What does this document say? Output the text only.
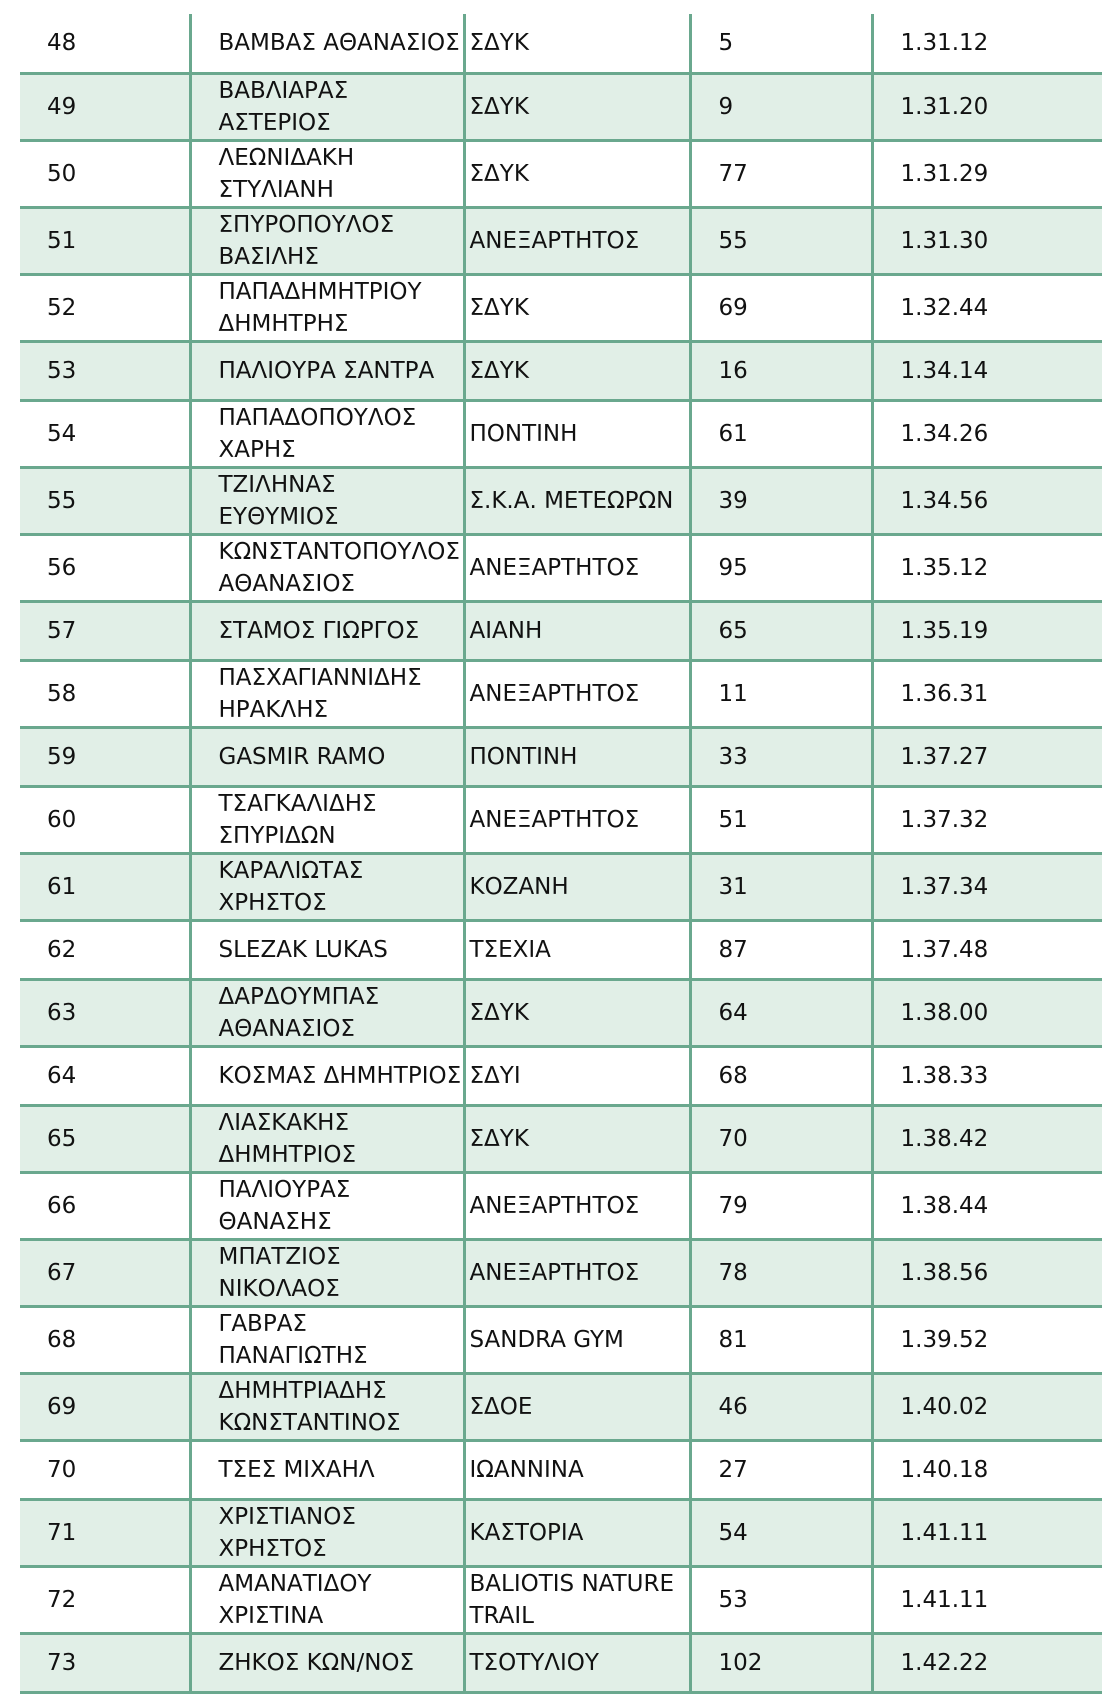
48	ΒΑΜΒΑΣ ΑΘΑΝΑΣΙΟΣ	ΣΔΥΚ	5	1.31.12
49	ΒΑΒΛΙΑΡΑΣ ΑΣΤΕΡΙΟΣ	ΣΔΥΚ	9	1.31.20
50	ΛΕΩΝΙΔΑΚΗ ΣΤΥΛΙΑΝΗ	ΣΔΥΚ	77	1.31.29
51	ΣΠΥΡΟΠΟΥΛΟΣ ΒΑΣΙΛΗΣ	ΑΝΕΞΑΡΤΗΤΟΣ	55	1.31.30
52	ΠΑΠΑΔΗΜΗΤΡΙΟΥ ΔΗΜΗΤΡΗΣ	ΣΔΥΚ	69	1.32.44
53	ΠΑΛΙΟΥΡΑ ΣΑΝΤΡΑ	ΣΔΥΚ	16	1.34.14
54	ΠΑΠΑΔΟΠΟΥΛΟΣ ΧΑΡΗΣ	ΠΟΝΤΙΝΗ	61	1.34.26
55	ΤΖΙΛΗΝΑΣ ΕΥΘΥΜΙΟΣ	Σ.Κ.Α. ΜΕΤΕΩΡΩΝ	39	1.34.56
56	ΚΩΝΣΤΑΝΤΟΠΟΥΛΟΣ ΑΘΑΝΑΣΙΟΣ	ΑΝΕΞΑΡΤΗΤΟΣ	95	1.35.12
57	ΣΤΑΜΟΣ ΓΙΩΡΓΟΣ	ΑΙΑΝΗ	65	1.35.19
58	ΠΑΣΧΑΓΙΑΝΝΙΔΗΣ ΗΡΑΚΛΗΣ	ΑΝΕΞΑΡΤΗΤΟΣ	11	1.36.31
59	GASMIR RAMO	ΠΟΝΤΙΝΗ	33	1.37.27
60	ΤΣΑΓΚΑΛΙΔΗΣ ΣΠΥΡΙΔΩΝ	ΑΝΕΞΑΡΤΗΤΟΣ	51	1.37.32
61	ΚΑΡΑΛΙΩΤΑΣ ΧΡΗΣΤΟΣ	ΚΟΖΑΝΗ	31	1.37.34
62	SLEZAK LUKAS	ΤΣΕΧΙΑ	87	1.37.48
63	ΔΑΡΔΟΥΜΠΑΣ ΑΘΑΝΑΣΙΟΣ	ΣΔΥΚ	64	1.38.00
64	ΚΟΣΜΑΣ ΔΗΜΗΤΡΙΟΣ	ΣΔΥΙ	68	1.38.33
65	ΛΙΑΣΚΑΚΗΣ ΔΗΜΗΤΡΙΟΣ	ΣΔΥΚ	70	1.38.42
66	ΠΑΛΙΟΥΡΑΣ ΘΑΝΑΣΗΣ	ΑΝΕΞΑΡΤΗΤΟΣ	79	1.38.44
67	ΜΠΑΤΖΙΟΣ ΝΙΚΟΛΑΟΣ	ΑΝΕΞΑΡΤΗΤΟΣ	78	1.38.56
68	ΓΑΒΡΑΣ ΠΑΝΑΓΙΩΤΗΣ	SANDRA GYM	81	1.39.52
69	ΔΗΜΗΤΡΙΑΔΗΣ ΚΩΝΣΤΑΝΤΙΝΟΣ	ΣΔΟΕ	46	1.40.02
70	ΤΣΕΣ ΜΙΧΑΗΛ	ΙΩΑΝΝΙΝΑ	27	1.40.18
71	ΧΡΙΣΤΙΑΝΟΣ ΧΡΗΣΤΟΣ	ΚΑΣΤΟΡΙΑ	54	1.41.11
72	ΑΜΑΝΑΤΙΔΟΥ ΧΡΙΣΤΙΝΑ	BALIOTIS NATURE TRAIL	53	1.41.11
73	ΖΗΚΟΣ ΚΩΝ/ΝΟΣ	ΤΣΟΤΥΛΙΟΥ	102	1.42.22
